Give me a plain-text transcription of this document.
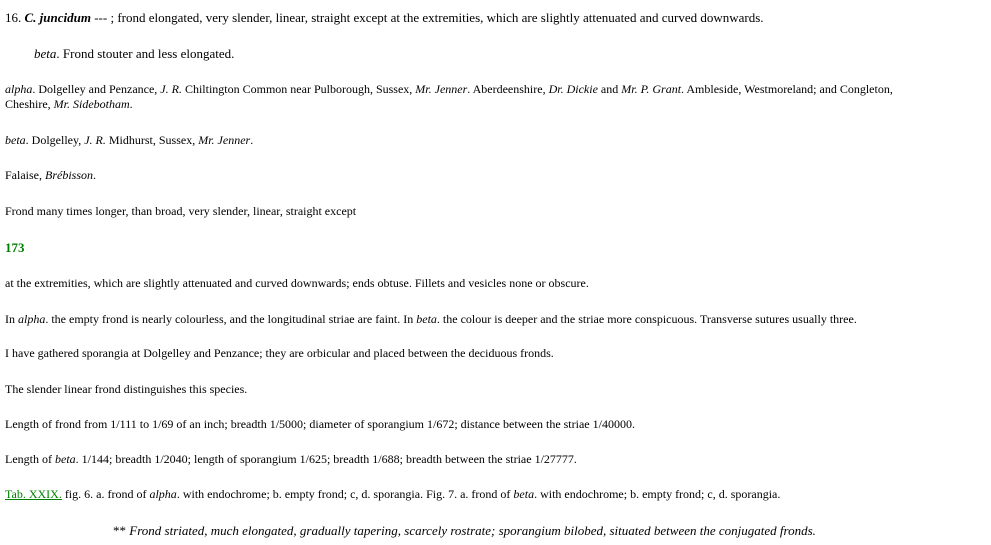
16. C. juncidum --- ; frond elongated, very slender, linear, straight except at the extremities, which are slightly attenuated and curved downwards.
beta. Frond stouter and less elongated.
alpha. Dolgelley and Penzance, J. R. Chiltington Common near Pulborough, Sussex, Mr. Jenner. Aberdeenshire, Dr. Dickie and Mr. P. Grant. Ambleside, Westmoreland; and Congleton,
Cheshire, Mr. Sidebotham.
beta. Dolgelley, J. R. Midhurst, Sussex, Mr. Jenner.
Falaise, Brébisson.
Frond many times longer, than broad, very slender, linear, straight except
173
at the extremities, which are slightly attenuated and curved downwards; ends obtuse. Fillets and vesicles none or obscure.
In alpha. the empty frond is nearly colourless, and the longitudinal striae are faint. In beta. the colour is deeper and the striae more conspicuous. Transverse sutures usually three.
I have gathered sporangia at Dolgelley and Penzance; they are orbicular and placed between the deciduous fronds.
The slender linear frond distinguishes this species.
Length of frond from 1/111 to 1/69 of an inch; breadth 1/5000; diameter of sporangium 1/672; distance between the striae 1/40000.
Length of beta. 1/144; breadth 1/2040; length of sporangium 1/625; breadth 1/688; breadth between the striae 1/27777.
Tab. XXIX. fig. 6. a. frond of alpha. with endochrome; b. empty frond; c, d. sporangia. Fig. 7. a. frond of beta. with endochrome; b. empty frond; c, d. sporangia.
** Frond striated, much elongated, gradually tapering, scarcely rostrate; sporangium bilobed, situated between the conjugated fronds.
